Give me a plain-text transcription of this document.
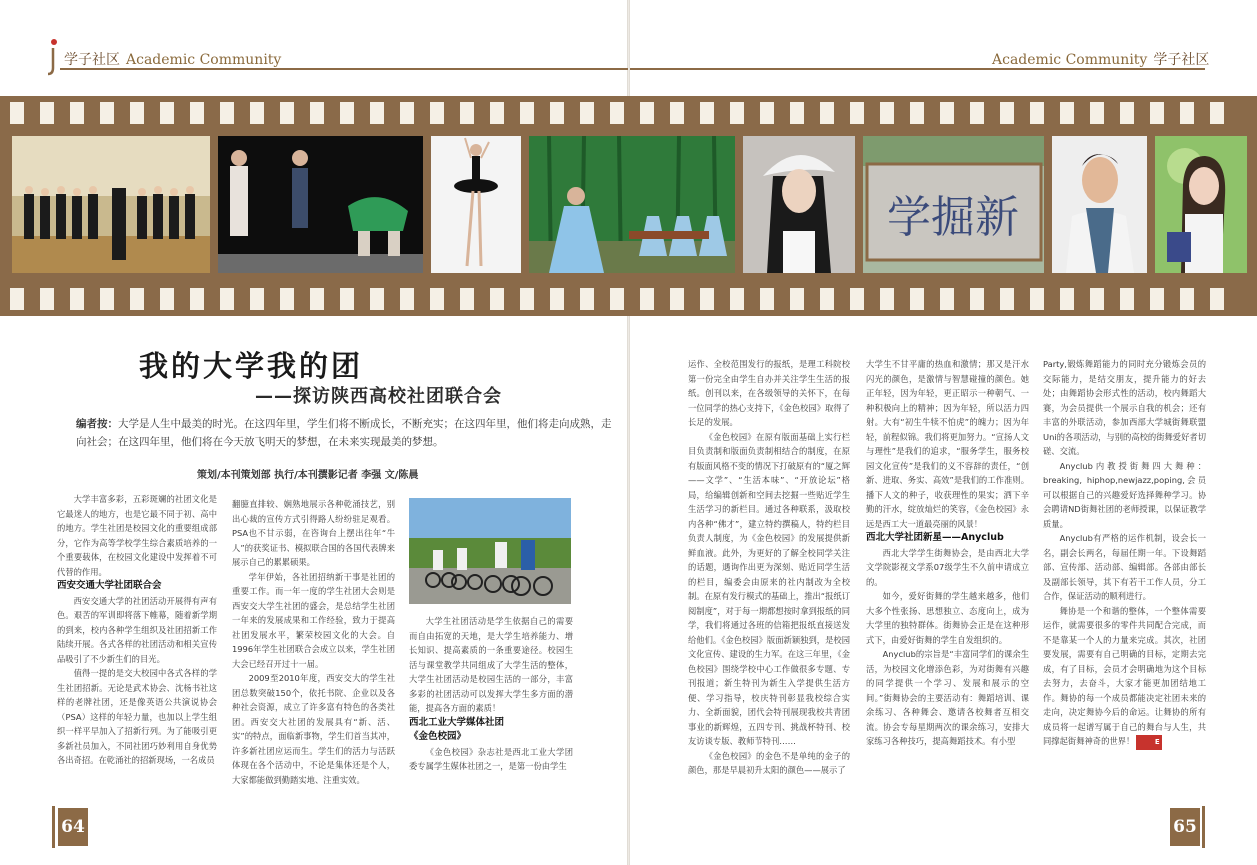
学子社区 Academic Community	Academic Community 学子社区
学掘新
我的大学我的团
——探访陕西高校社团联合会
编者按：大学是人生中最美的时光。在这四年里，学生们将不断成长，不断充实；在这四年里，他们将走向成熟，走向社会；在这四年里，他们将在今天放飞明天的梦想，在未来实现最美的梦想。
策划/本刊策划部 执行/本刊撰影记者 李强 文/陈晨

大学丰富多彩，五彩斑斓的社团文化是它最迷人的地方，也是它最不同于初、高中的地方。学生社团是校园文化的重要组成部分，它作为高等学校学生综合素质培养的一个重要载体，在校园文化建设中发挥着不可代替的作用。

西安交通大学社团联合会

西安交通大学的社团活动开展得有声有色。艰苦的军训即将落下帷幕，随着新学期的到来，校内各种学生组织及社团招新工作陆续开展。各式各样的社团活动和相关宣传品吸引了不少新生们的目光。

值得一提的是交大校园中各式各样的学生社团招新。无论是武术协会、沈杨书社这样的老牌社团，还是像英语公共演说协会（PSA）这样的年轻力量，也加以上学生组织一样平早加入了招新行列。为了能吸引更多新社员加入，不同社团巧妙利用自身优势各出奇招。在乾涌社的招新现场，一名成员

翻臆直排较、娴熟地展示各种乾涌技艺，别出心裁的宣传方式引得路人纷纷驻足观看。PSA也不甘示弱，在咨询台上摆出往年“牛人”的获奖证书、模拟联合国的各国代表牌来展示自己的累累硕果。

学年伊始，各社团招纳新干事是社团的重要工作。而一年一度的学生社团大会则是西安交大学生社团的盛会，是总结学生社团一年来的发展成果和工作经验，致力于提高社团发展水平，繁荣校园文化的大会。自1996年学生社团联合会成立以来，学生社团大会已经召开过十一届。

2009至2010年度，西安交大的学生社团总数突破150个，依托书院、企业以及各种社会资源，成立了许多富有特色的各类社团。西安交大社团的发展具有“新、活、实”的特点，面临新事物，学生们首当其冲，许多新社团应运而生。学生们的活力与活跃体现在各个活动中，不论是集体还是个人，大家都能做到勤踏实地、注重实效。

大学生社团活动是学生依据自己的需要而自由拓宽的天地，是大学生培养能力、增长知识、提高素质的一条重要途径。校园生活与课堂教学共同组成了大学生活的整体，大学生社团活动是校园生活的一部分，丰富多彩的社团活动可以发挥大学生多方面的潜能，提高各方面的素质！

西北工业大学媒体社团

《金色校园》

《金色校园》杂志社是西北工业大学团委专属学生媒体社团之一，是第一份由学生

运作、全校范围发行的报纸，是理工科院校第一份完全由学生自办并关注学生生活的报纸。创刊以来，在各级领导的关怀下，在每一位同学的热心支持下，《金色校园》取得了长足的发展。

《金色校园》在原有版面基础上实行栏目负责制和版面负责制相结合的制度，在原有版面风格不变的情况下打破原有的“厦之辉——文学”、“生活本味”、“开放论坛”格局，给编辑创新和空间去挖掘一些贴近学生生活学习的新栏目。通过各种联系，汲取校内各种“佛才”，建立特约撰稿人，特约栏目负责人制度，为《金色校园》的发展提供新鲜血液。此外，为更好的了解全校同学关注的话题，遇询作出更为深刻、贴近同学生活的栏目，编委会由原来的社内制改为全校制。在原有发行模式的基础上，推出“报纸订阅制度”，对于每一期都想按时拿到报纸的同学，我们将通过各班的信箱把报纸直接送发给他们。《金色校园》版面新颖独到，是校园文化宣传、建设的生力军。在这三年里，《金色校园》围绕学校中心工作做很多专题、专刊报道；新生特刊为新生入学提供生活方便、学习指导，校庆特刊彰显我校综合实力、全新面貌，团代会特刊展现我校共青团事业的新辉煌，五四专刊、挑战杯特刊、校友访谈专版、教师节特刊……

《金色校园》的金色不是单纯的金子的颜色，那是早晨初升太阳的颜色——展示了

大学生不甘平庸的热血和激情；那又是汗水闪光的颜色，是激情与智慧碰撞的颜色。她正年轻，因为年轻，更正昭示一种朝气、一种积极向上的精神；因为年轻，所以活力四射。大有“初生牛犊不怕虎”的魄力；因为年轻，前程似锦。我们将更加努力。“宣扬人文与理性”是我们的追求，“服务学生，服务校园文化宣传”是我们的义不容辞的责任，“创新、进取、务实、高效”是我们的工作准则。播下人文的种子，收获理性的果实；洒下辛勤的汗水，绽放灿烂的笑容，《金色校园》永远是西工大一道最亮丽的风景！

西北大学社团新星——Anyclub

西北大学学生街舞协会，是由西北大学文学院影视文学系07级学生不久前申请成立的。

如今，爱好街舞的学生越来越多，他们大多个性张扬、思想独立、态度向上，成为大学里的独特群体。街舞协会正是在这种形式下，由爱好街舞的学生自发组织的。

Anyclub的宗旨是“丰富同学们的课余生活，为校园文化增添色彩，为对街舞有兴趣的同学提供一个学习、发展和展示的空间。”街舞协会的主要活动有：舞蹈培训、课余练习、各种舞会、邀请各校舞者互相交流。协会专每星期两次的课余练习，安排大家练习各种技巧，提高舞蹈技术。有小型

Party,锻炼舞蹈能力的同时充分锻炼会员的交际能力，是结交朋友，提升能力的好去处；由舞蹈协会形式性的活动，校内舞蹈大赛，为会员提供一个展示自我的机会；还有丰富的外联活动，参加西部大学城街舞联盟Uni的各项活动，与别的高校的街舞爱好者切磋、交流。

Anyclub内教授街舞四大舞种：breaking, hiphop,newjazz,poping,会员可以根据自己的兴趣爱好选择舞种学习。协会聘请ND街舞社团的老师授课，以保证教学质量。

Anyclub有严格的运作机制，设会长一名，副会长两名，每届任期一年。下设舞蹈部、宣传部、活动部、编辑部。各部由部长及副部长领导，其下有若干工作人员，分工合作，保证活动的顺利进行。

舞协是一个和谐的整体，一个整体需要运作，就需要很多的零件共同配合完成，而不是靠某一个人的力量来完成。其次，社团要发展，需要有自己明确的目标，定期去完成，有了目标，会员才会明确地为这个目标去努力，去奋斗，大家才能更加团结地工作。舞协的每一个成员都能决定社团未来的走向，决定舞协今后的命运。让舞协的所有成员将一起谱写属于自己的舞台与人生，共同撑起街舞神奇的世界！	E

64	65
